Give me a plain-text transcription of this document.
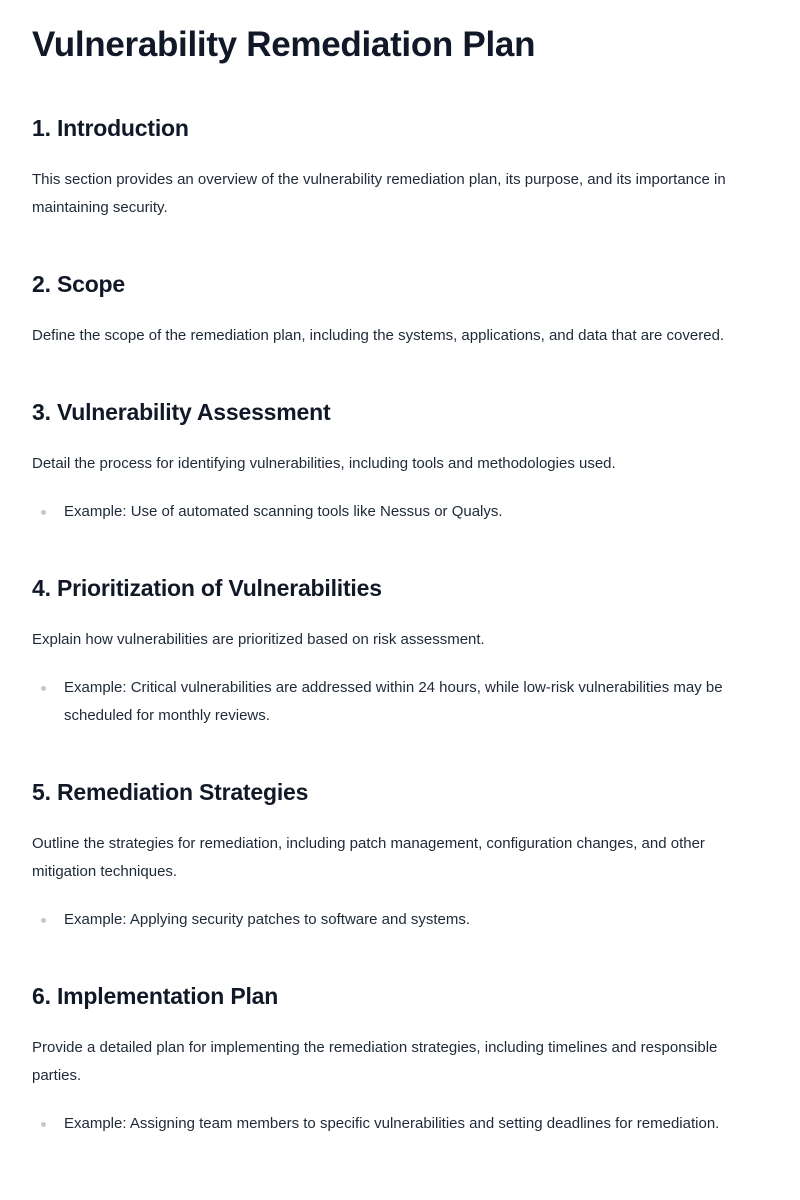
Vulnerability Remediation Plan
1. Introduction

This section provides an overview of the vulnerability remediation plan, its purpose, and its importance in maintaining security.

2. Scope

Define the scope of the remediation plan, including the systems, applications, and data that are covered.

3. Vulnerability Assessment

Detail the process for identifying vulnerabilities, including tools and methodologies used.

Example: Use of automated scanning tools like Nessus or Qualys.
4. Prioritization of Vulnerabilities

Explain how vulnerabilities are prioritized based on risk assessment.

Example: Critical vulnerabilities are addressed within 24 hours, while low-risk vulnerabilities may be scheduled for monthly reviews.
5. Remediation Strategies

Outline the strategies for remediation, including patch management, configuration changes, and other mitigation techniques.

Example: Applying security patches to software and systems.
6. Implementation Plan

Provide a detailed plan for implementing the remediation strategies, including timelines and responsible parties.

Example: Assigning team members to specific vulnerabilities and setting deadlines for remediation.
